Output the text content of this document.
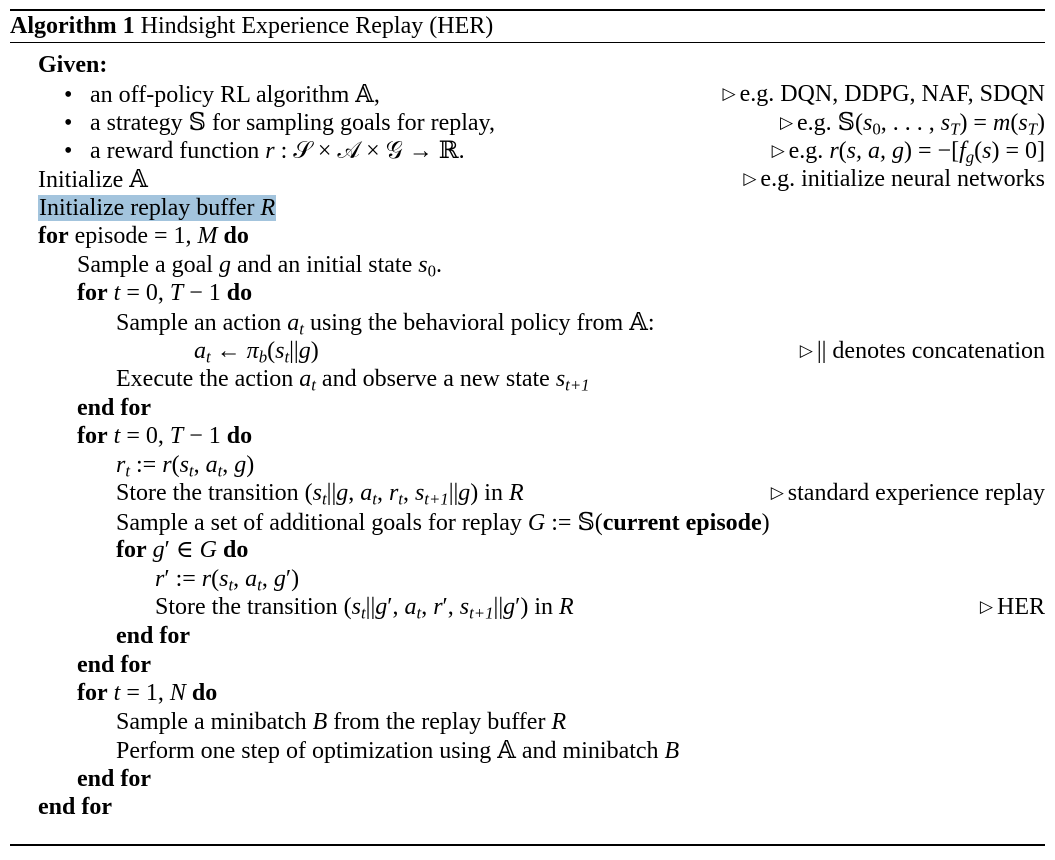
Algorithm 1 Hindsight Experience Replay (HER)
Given:
• an off-policy RL algorithm 𝔸,	▷ e.g. DQN, DDPG, NAF, SDQN
• a strategy 𝕊 for sampling goals for replay,	▷ e.g. $𝕊(s_0$, . . . , $s_T) = m(s_T)$
• a reward function r : 𝒮 × 𝒜 × 𝒢 → ℝ.	▷ e.g. r(s, a, $g) = -[f_g(s) = 0]$
Initialize 𝔸	▷ e.g. initialize neural networks
Initialize replay buffer R
for episode = 1, M do
Sample a goal g and an initial state $s_0$.
for t = 0, T − 1 do
Sample an action $a_t$ using the behavioral policy from 𝔸:
$a_t$ ← $\pi_b(s_t||g)$	▷ || denotes concatenation
Execute the action $a_t$ and observe a new state $s_{t+1}$
end for
for t = 0, T − 1 do
$r_t$ := $r(s_t$, $a_t$, g)
Store the transition ($s_t||g$, $a_t$, $r_t$, $s_{t+1}||g$) in R	▷ standard experience replay
Sample a set of additional goals for replay G := 𝕊(current episode)
for g′ ∈ G do
r′ := $r(s_t$, $a_t$, g′)
Store the transition ($s_t||g'$, $a_t$, r′, $s_{t+1}||g'$) in R	▷ HER
end for
end for
for t = 1, N do
Sample a minibatch B from the replay buffer R
Perform one step of optimization using 𝔸 and minibatch B
end for
end for
